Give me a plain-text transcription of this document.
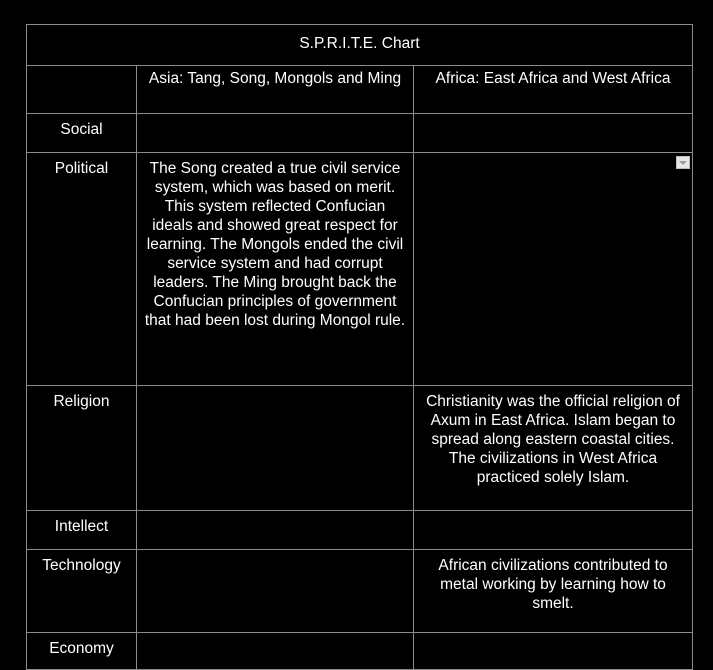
S.P.R.I.T.E. Chart		
	Asia: Tang, Song, Mongols and Ming	Africa: East Africa and West Africa
Social		
Political	The Song created a true civil service system, which was based on merit. This system reflected Confucian ideals and showed great respect for learning. The Mongols ended the civil service system and had corrupt leaders. The Ming brought back the Confucian principles of government that had been lost during Mongol rule.	

Religion		Christianity was the official religion of Axum in East Africa. Islam began to spread along eastern coastal cities. The civilizations in West Africa practiced solely Islam.
Intellect		
Technology		African civilizations contributed to metal working by learning how to smelt.
Economy		
